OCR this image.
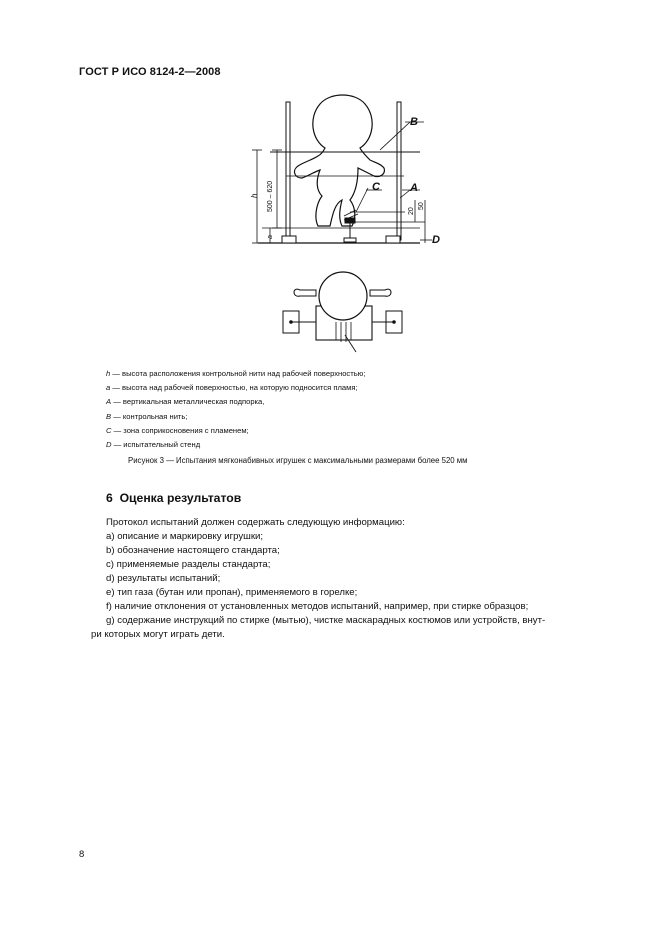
ГОСТ Р ИСО 8124-2—2008
B
C	A
D
h 500 – 620
a
20
50
h — высота расположения контрольной нити над рабочей поверхностью;
a — высота над рабочей поверхностью, на которую подносится пламя;
A — вертикальная металлическая подпорка,
B — контрольная нить;
C — зона соприкосновения с пламенем;
D — испытательный стенд
Рисунок 3 — Испытания мягконабивных игрушек с максимальными размерами более 520 мм
6 Оценка результатов
Протокол испытаний должен содержать следующую информацию:
a) описание и маркировку игрушки;
b) обозначение настоящего стандарта;
c) применяемые разделы стандарта;
d) результаты испытаний;
e) тип газа (бутан или пропан), применяемого в горелке;
f) наличие отклонения от установленных методов испытаний, например, при стирке образцов;
g) содержание инструкций по стирке (мытью), чистке маскарадных костюмов или устройств, внут-
ри которых могут играть дети.
8
